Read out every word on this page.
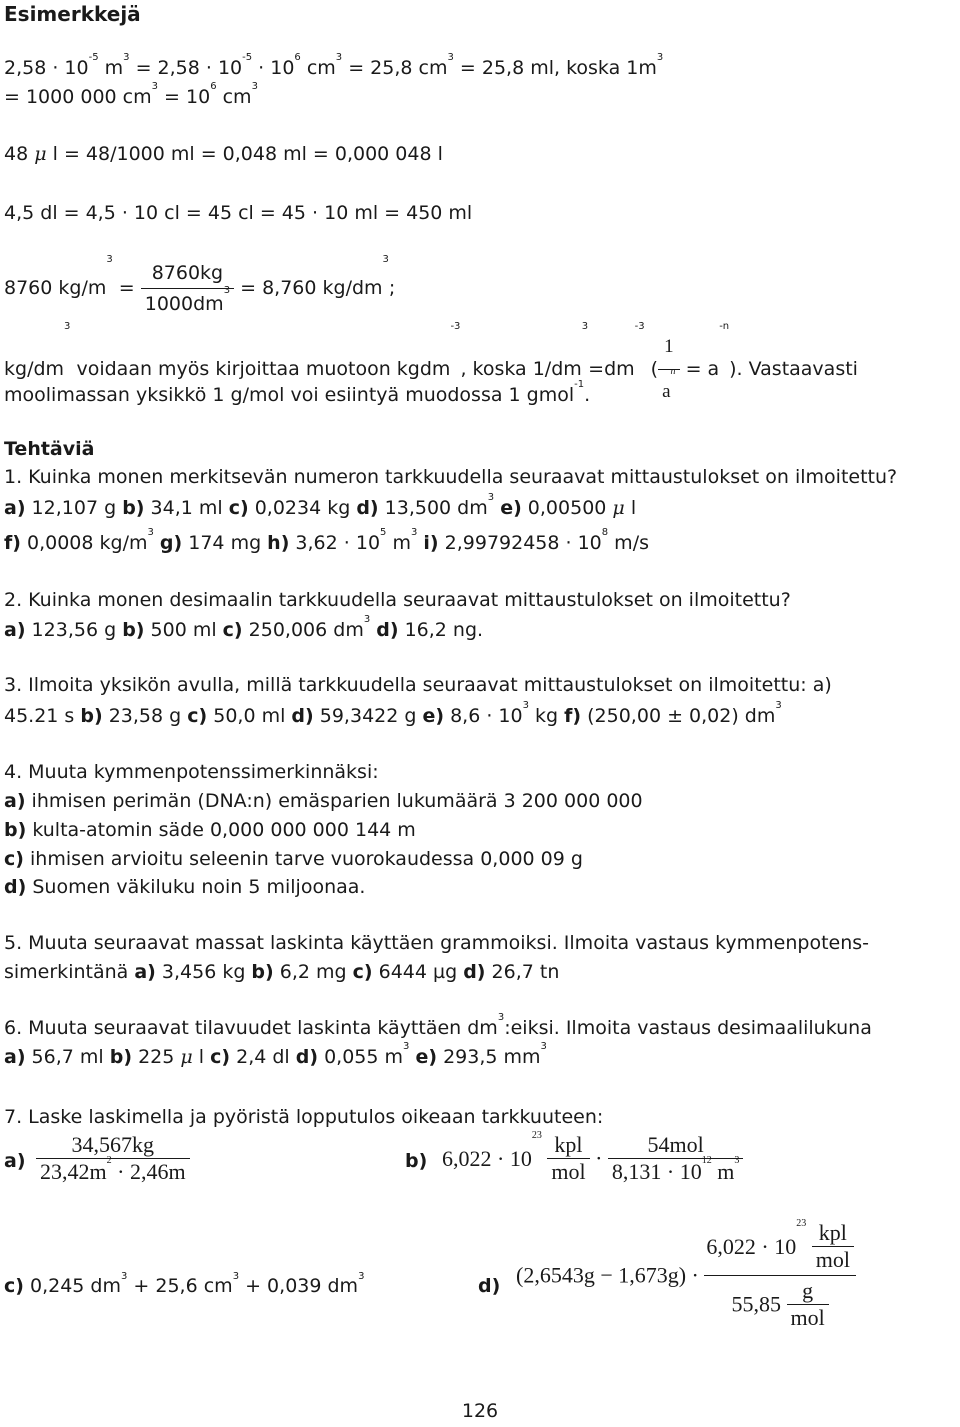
Esimerkkejä
$2,58 \cdot 10^{-5}$ $m^3 = 2,58 \cdot 10^{-5} \cdot 10^6$ $cm^3 = 25,8$ $cm^3 = 25,8$ ml, koska $1m^3$
= 1000 000 $cm^3 = 10^6$ $cm^3$
48 μ l = 48/1000 ml = 0,048 ml = 0,000 048 l
4,5 dl = 4,5 · 10 cl = 45 cl = 45 · 10 ml = 450 ml
8760 $kg/m^3 = \frac{8760kg}{1000dm^3} = 8,760$ $kg/dm^3$;
$kg/dm^3$ voidaan myös kirjoittaa muotoon kgdm$^{-3}$, koska $1/dm^3=dm^{-3}$ ( $\frac{1}{a^n} = a^{-n}$). Vastaavasti
moolimassan yksikkö 1 g/mol voi esiintyä muodossa 1 gmol$^{-1}$.
Tehtäviä
1. Kuinka monen merkitsevän numeron tarkkuudella seuraavat mittaustulokset on ilmoitettu?
a) 12,107 g b) 34,1 ml c) 0,0234 kg d) 13,500 $dm^3$ e) 0,00500 μ l
f) 0,0008 $kg/m^3$ g) 174 mg h) $3,62 \cdot 10^5$ $m^3$ i) $2,99792458 \cdot 10^8$ m/s
2. Kuinka monen desimaalin tarkkuudella seuraavat mittaustulokset on ilmoitettu?
a) 123,56 g b) 500 ml c) 250,006 $dm^3$ d) 16,2 ng.
3. Ilmoita yksikön avulla, millä tarkkuudella seuraavat mittaustulokset on ilmoitettu: a)
45.21 s b) 23,58 g c) 50,0 ml d) 59,3422 g e) $8,6 \cdot 10^3$ kg f) (250,00 ± 0,02) $dm^3$
4. Muuta kymmenpotenssimerkinnäksi:
a) ihmisen perimän (DNA:n) emäsparien lukumäärä 3 200 000 000
b) kulta-atomin säde 0,000 000 000 144 m
c) ihmisen arvioitu seleenin tarve vuorokaudessa 0,000 09 g
d) Suomen väkiluku noin 5 miljoonaa.
5. Muuta seuraavat massat laskinta käyttäen grammoiksi. Ilmoita vastaus kymmenpotens-
simerkintänä a) 3,456 kg b) 6,2 mg c) 6444 µg d) 26,7 tn
6. Muuta seuraavat tilavuudet laskinta käyttäen $dm^3:eiksi$. Ilmoita vastaus desimaalilukuna
a) 56,7 ml b) 225 μ l c) 2,4 dl d) 0,055 $m^3$ e) 293,5 $mm^3$
7. Laske laskimella ja pyöristä lopputulos oikeaan tarkkuuteen:
$a) \frac{34,567kg}{23,42m^2 \cdot 2,46m}$	b) $6,022 \cdot 10^{23} \frac{\text{kpl}}{\text{mol}} \cdot \frac{\text{54mol}}{8,131 \cdot 10^{12} m^3}$
c) 0,245 $dm^3 + 25,6$ $cm^3 + 0,039$ $dm^3$	d) $(2,6543g - 1,673g) \cdot \frac{6,022 \cdot 10^{23} \frac{\text{kpl}}{\text{mol}}}{55,85 \frac{g}{\text{mol}}}$
126
